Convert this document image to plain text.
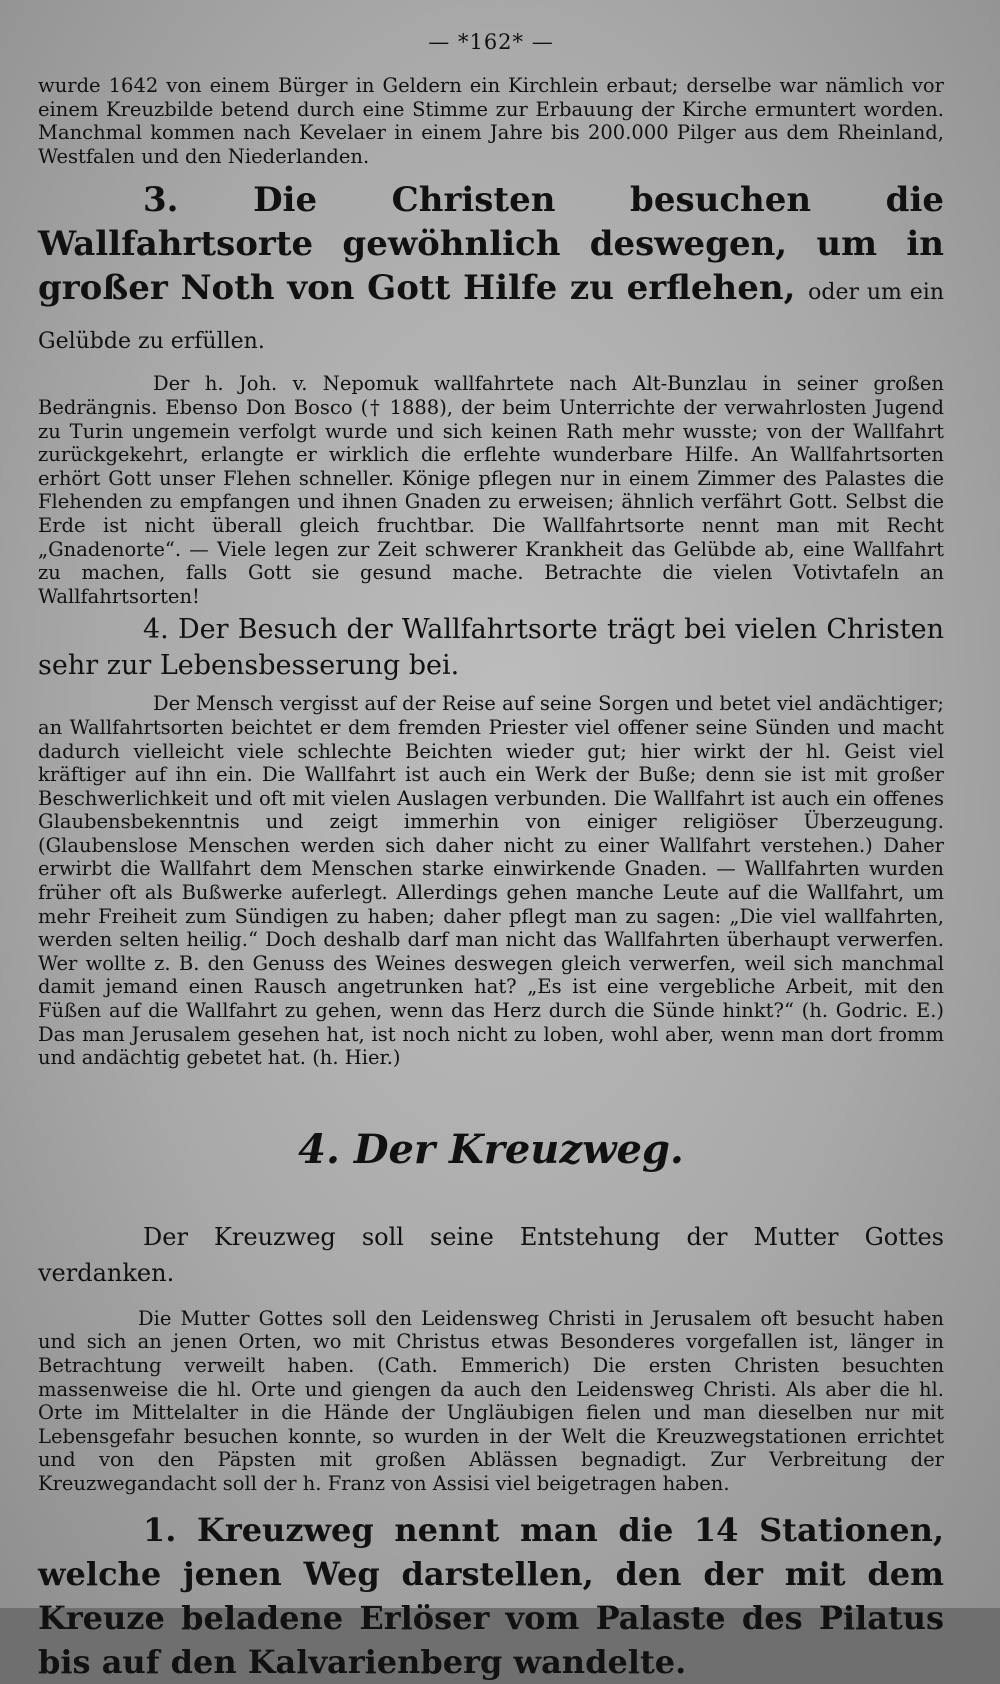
— *162* —

wurde 1642 von einem Bürger in Geldern ein Kirchlein erbaut; derselbe war nämlich vor einem Kreuzbilde betend durch eine Stimme zur Erbauung der Kirche ermuntert worden. Manchmal kommen nach Kevelaer in einem Jahre bis 200.000 Pilger aus dem Rheinland, Westfalen und den Niederlanden.

3. Die Christen besuchen die Wallfahrtsorte gewöhnlich deswegen, um in großer Noth von Gott Hilfe zu erflehen, oder um ein Gelübde zu erfüllen.

Der h. Joh. v. Nepomuk wallfahrtete nach Alt-Bunzlau in seiner großen Bedrängnis. Ebenso Don Bosco († 1888), der beim Unterrichte der verwahrlosten Jugend zu Turin ungemein verfolgt wurde und sich keinen Rath mehr wusste; von der Wallfahrt zurückgekehrt, erlangte er wirklich die erflehte wunderbare Hilfe. An Wallfahrtsorten erhört Gott unser Flehen schneller. Könige pflegen nur in einem Zimmer des Palastes die Flehenden zu empfangen und ihnen Gnaden zu erweisen; ähnlich verfährt Gott. Selbst die Erde ist nicht überall gleich fruchtbar. Die Wallfahrtsorte nennt man mit Recht „Gnadenorte“. — Viele legen zur Zeit schwerer Krankheit das Gelübde ab, eine Wallfahrt zu machen, falls Gott sie gesund mache. Betrachte die vielen Votivtafeln an Wallfahrtsorten!

4. Der Besuch der Wallfahrtsorte trägt bei vielen Christen sehr zur Lebensbesserung bei.

Der Mensch vergisst auf der Reise auf seine Sorgen und betet viel andächtiger; an Wallfahrtsorten beichtet er dem fremden Priester viel offener seine Sünden und macht dadurch vielleicht viele schlechte Beichten wieder gut; hier wirkt der hl. Geist viel kräftiger auf ihn ein. Die Wallfahrt ist auch ein Werk der Buße; denn sie ist mit großer Beschwerlichkeit und oft mit vielen Auslagen verbunden. Die Wallfahrt ist auch ein offenes Glaubensbekenntnis und zeigt immerhin von einiger religiöser Überzeugung. (Glaubenslose Menschen werden sich daher nicht zu einer Wallfahrt verstehen.) Daher erwirbt die Wallfahrt dem Menschen starke einwirkende Gnaden. — Wallfahrten wurden früher oft als Bußwerke auferlegt. Allerdings gehen manche Leute auf die Wallfahrt, um mehr Freiheit zum Sündigen zu haben; daher pflegt man zu sagen: „Die viel wallfahrten, werden selten heilig.“ Doch deshalb darf man nicht das Wallfahrten überhaupt verwerfen. Wer wollte z. B. den Genuss des Weines deswegen gleich verwerfen, weil sich manchmal damit jemand einen Rausch angetrunken hat? „Es ist eine vergebliche Arbeit, mit den Füßen auf die Wallfahrt zu gehen, wenn das Herz durch die Sünde hinkt?“ (h. Godric. E.) Das man Jerusalem gesehen hat, ist noch nicht zu loben, wohl aber, wenn man dort fromm und andächtig gebetet hat. (h. Hier.)

4. Der Kreuzweg.

Der Kreuzweg soll seine Entstehung der Mutter Gottes verdanken.

Die Mutter Gottes soll den Leidensweg Christi in Jerusalem oft besucht haben und sich an jenen Orten, wo mit Christus etwas Besonderes vorgefallen ist, länger in Betrachtung verweilt haben. (Cath. Emmerich) Die ersten Christen besuchten massenweise die hl. Orte und giengen da auch den Leidensweg Christi. Als aber die hl. Orte im Mittelalter in die Hände der Ungläubigen fielen und man dieselben nur mit Lebensgefahr besuchen konnte, so wurden in der Welt die Kreuzwegstationen errichtet und von den Päpsten mit großen Ablässen begnadigt. Zur Verbreitung der Kreuzwegandacht soll der h. Franz von Assisi viel beigetragen haben.

1. Kreuzweg nennt man die 14 Stationen, welche jenen Weg darstellen, den der mit dem Kreuze beladene Erlöser vom Palaste des Pilatus bis auf den Kalvarienberg wandelte.
